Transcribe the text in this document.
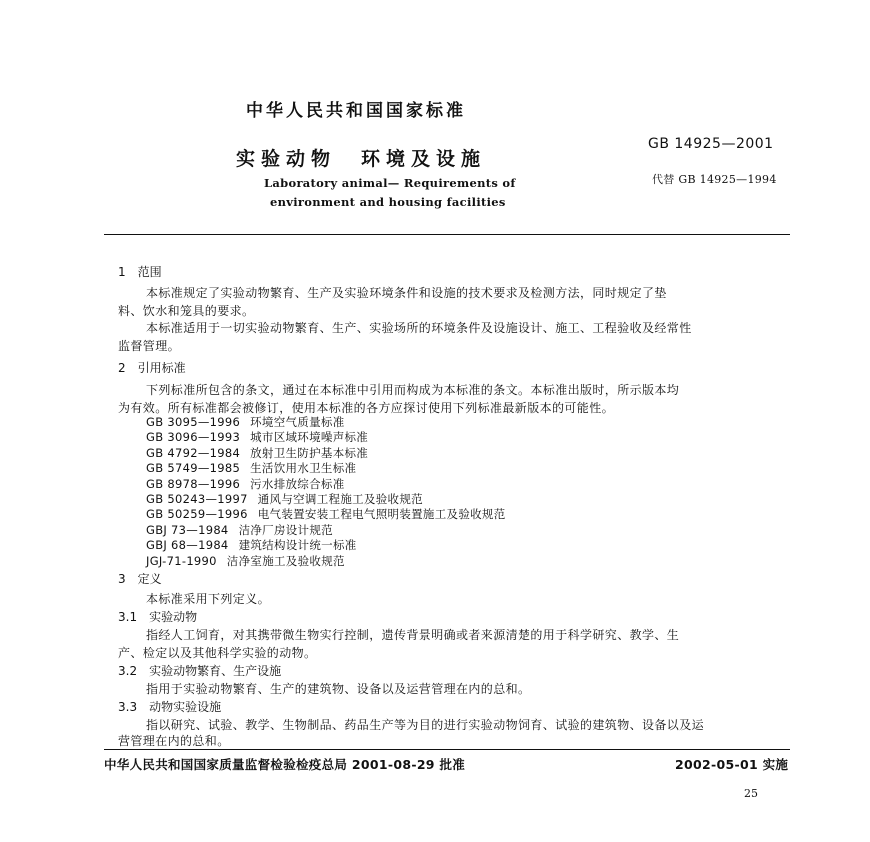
中华人民共和国国家标准
GB 14925—2001
实验动物　环境及设施
代替 GB 14925—1994
Laboratory animal— Requirements of
environment and housing facilities
1　范围
本标准规定了实验动物繁育、生产及实验环境条件和设施的技术要求及检测方法，同时规定了垫
料、饮水和笼具的要求。
本标准适用于一切实验动物繁育、生产、实验场所的环境条件及设施设计、施工、工程验收及经常性
监督管理。
2　引用标准
下列标准所包含的条文，通过在本标准中引用而构成为本标准的条文。本标准出版时，所示版本均
为有效。所有标准都会被修订，使用本标准的各方应探讨使用下列标准最新版本的可能性。
GB 3095—1996 环境空气质量标准
GB 3096—1993 城市区域环境噪声标准
GB 4792—1984 放射卫生防护基本标准
GB 5749—1985 生活饮用水卫生标准
GB 8978—1996 污水排放综合标准
GB 50243—1997 通风与空调工程施工及验收规范
GB 50259—1996 电气装置安装工程电气照明装置施工及验收规范
GBJ 73—1984 洁净厂房设计规范
GBJ 68—1984 建筑结构设计统一标准
JGJ-71-1990 洁净室施工及验收规范
3　定义
本标准采用下列定义。
3.1　实验动物
指经人工饲育，对其携带微生物实行控制，遗传背景明确或者来源清楚的用于科学研究、教学、生
产、检定以及其他科学实验的动物。
3.2　实验动物繁育、生产设施
指用于实验动物繁育、生产的建筑物、设备以及运营管理在内的总和。
3.3　动物实验设施
中华人民共和国国家质量监督检验检疫总局 2001-08-29 批准	2002-05-01 实施
25
指以研究、试验、教学、生物制品、药品生产等为目的进行实验动物饲育、试验的建筑物、设备以及运
营管理在内的总和。
